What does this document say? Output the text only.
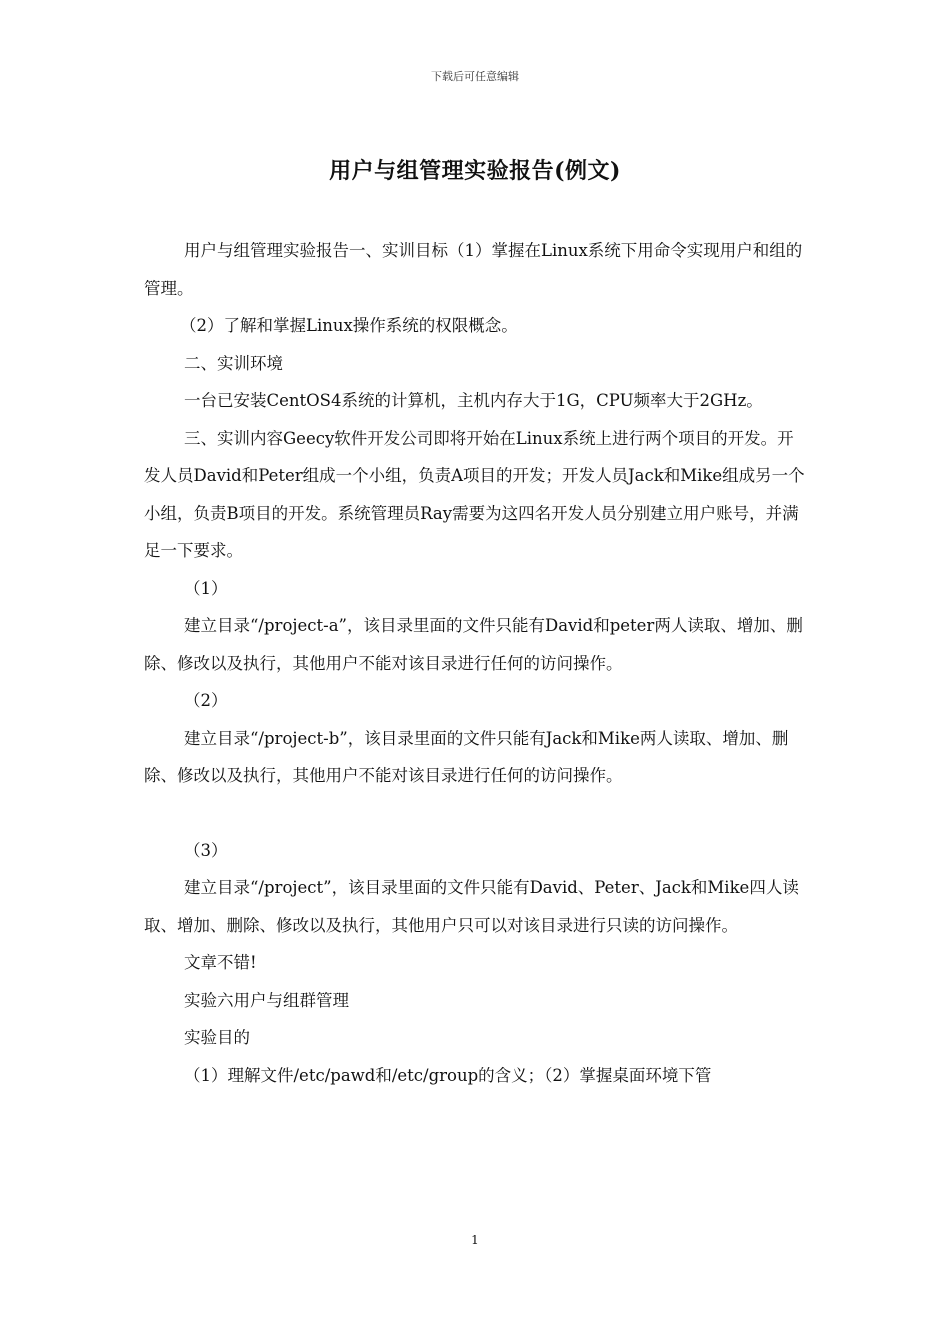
下载后可任意编辑
用户与组管理实验报告(例文)

用户与组管理实验报告一、实训目标（1）掌握在Linux系统下用命令实现用户和组的管理。

（2）了解和掌握Linux操作系统的权限概念。

二、实训环境

一台已安装CentOS4系统的计算机，主机内存大于1G，CPU频率大于2GHz。

三、实训内容Geecy软件开发公司即将开始在Linux系统上进行两个项目的开发。开发人员David和Peter组成一个小组，负责A项目的开发；开发人员Jack和Mike组成另一个小组，负责B项目的开发。系统管理员Ray需要为这四名开发人员分别建立用户账号，并满足一下要求。

（1）

建立目录“/project-a”，该目录里面的文件只能有David和peter两人读取、增加、删除、修改以及执行，其他用户不能对该目录进行任何的访问操作。

（2）

建立目录“/project-b”，该目录里面的文件只能有Jack和Mike两人读取、增加、删除、修改以及执行，其他用户不能对该目录进行任何的访问操作。

（3）

建立目录“/project”，该目录里面的文件只能有David、Peter、Jack和Mike四人读取、增加、删除、修改以及执行，其他用户只可以对该目录进行只读的访问操作。

文章不错!

实验六用户与组群管理

实验目的

（1）理解文件/etc/pawd和/etc/group的含义；（2）掌握桌面环境下管

1
